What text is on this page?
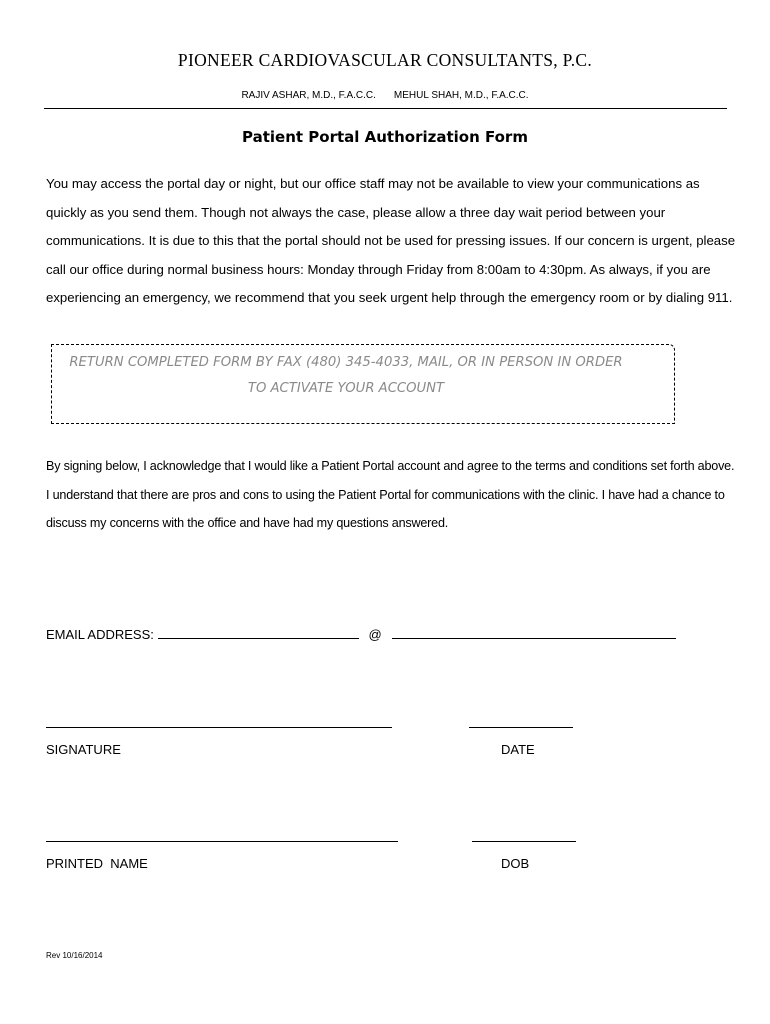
PIONEER CARDIOVASCULAR CONSULTANTS, P.C.
RAJIV ASHAR, M.D., F.A.C.C. MEHUL SHAH, M.D., F.A.C.C.
Patient Portal Authorization Form

You may access the portal day or night, but our office staff may not be available to view your communications as quickly as you send them. Though not always the case, please allow a three day wait period between your communications. It is due to this that the portal should not be used for pressing issues. If our concern is urgent, please call our office during normal business hours: Monday through Friday from 8:00am to 4:30pm. As always, if you are experiencing an emergency, we recommend that you seek urgent help through the emergency room or by dialing 911.

RETURN COMPLETED FORM BY FAX (480) 345-4033, MAIL, OR IN PERSON IN ORDER TO ACTIVATE YOUR ACCOUNT

By signing below, I acknowledge that I would like a Patient Portal account and agree to the terms and conditions set forth above. I understand that there are pros and cons to using the Patient Portal for communications with the clinic. I have had a chance to discuss my concerns with the office and have had my questions answered.

EMAIL ADDRESS:	@
SIGNATURE	DATE
PRINTED  NAME	DOB
Rev 10/16/2014
